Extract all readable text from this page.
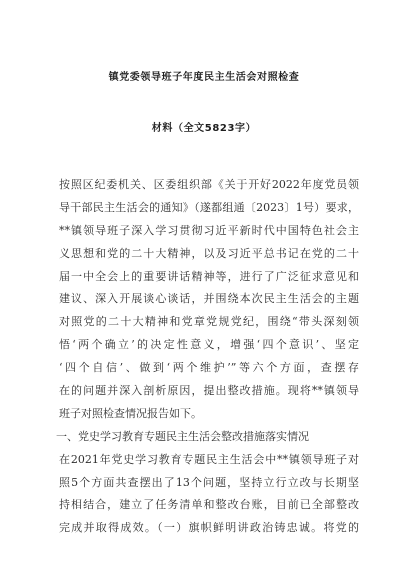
镇党委领导班子年度民主生活会对照检查
材料（全文5823字）
按照区纪委机关、区委组织部《关于开好2022年度党员领
导干部民主生活会的通知》（遂都组通〔2023〕1号）要求，
**镇领导班子深入学习贯彻习近平新时代中国特色社会主
义思想和党的二十大精神，以及习近平总书记在党的二十
届一中全会上的重要讲话精神等，进行了广泛征求意见和
建议、深入开展谈心谈话，并围绕本次民主生活会的主题
对照党的二十大精神和党章党规党纪，围绕“带头深刻领
悟‘两个确立’的决定性意义，增强‘四个意识’、坚定
‘四个自信’、做到‘两个维护’”等六个方面，查摆存
在的问题并深入剖析原因，提出整改措施。现将**镇领导
班子对照检查情况报告如下。
一、党史学习教育专题民主生活会整改措施落实情况
在2021年党史学习教育专题民主生活会中**镇领导班子对
照5个方面共查摆出了13个问题，坚持立行立改与长期坚
持相结合，建立了任务清单和整改台账，目前已全部整改
完成并取得成效。（一）旗帜鲜明讲政治铸忠诚。将党的
